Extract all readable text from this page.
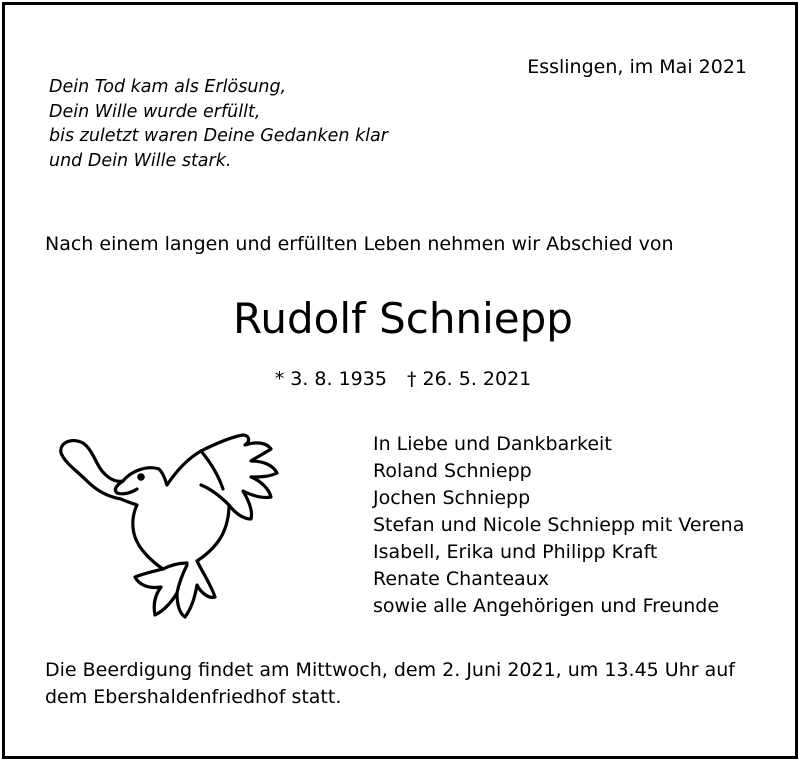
Esslingen, im Mai 2021
Dein Tod kam als Erlösung,
Dein Wille wurde erfüllt,
bis zuletzt waren Deine Gedanken klar
und Dein Wille stark.
Nach einem langen und erfüllten Leben nehmen wir Abschied von
Rudolf Schniepp
* 3. 8. 1935 † 26. 5. 2021
In Liebe und Dankbarkeit
Roland Schniepp
Jochen Schniepp
Stefan und Nicole Schniepp mit Verena
Isabell, Erika und Philipp Kraft
Renate Chanteaux
sowie alle Angehörigen und Freunde
Die Beerdigung findet am Mittwoch, dem 2. Juni 2021, um 13.45 Uhr auf
dem Ebershaldenfriedhof statt.
